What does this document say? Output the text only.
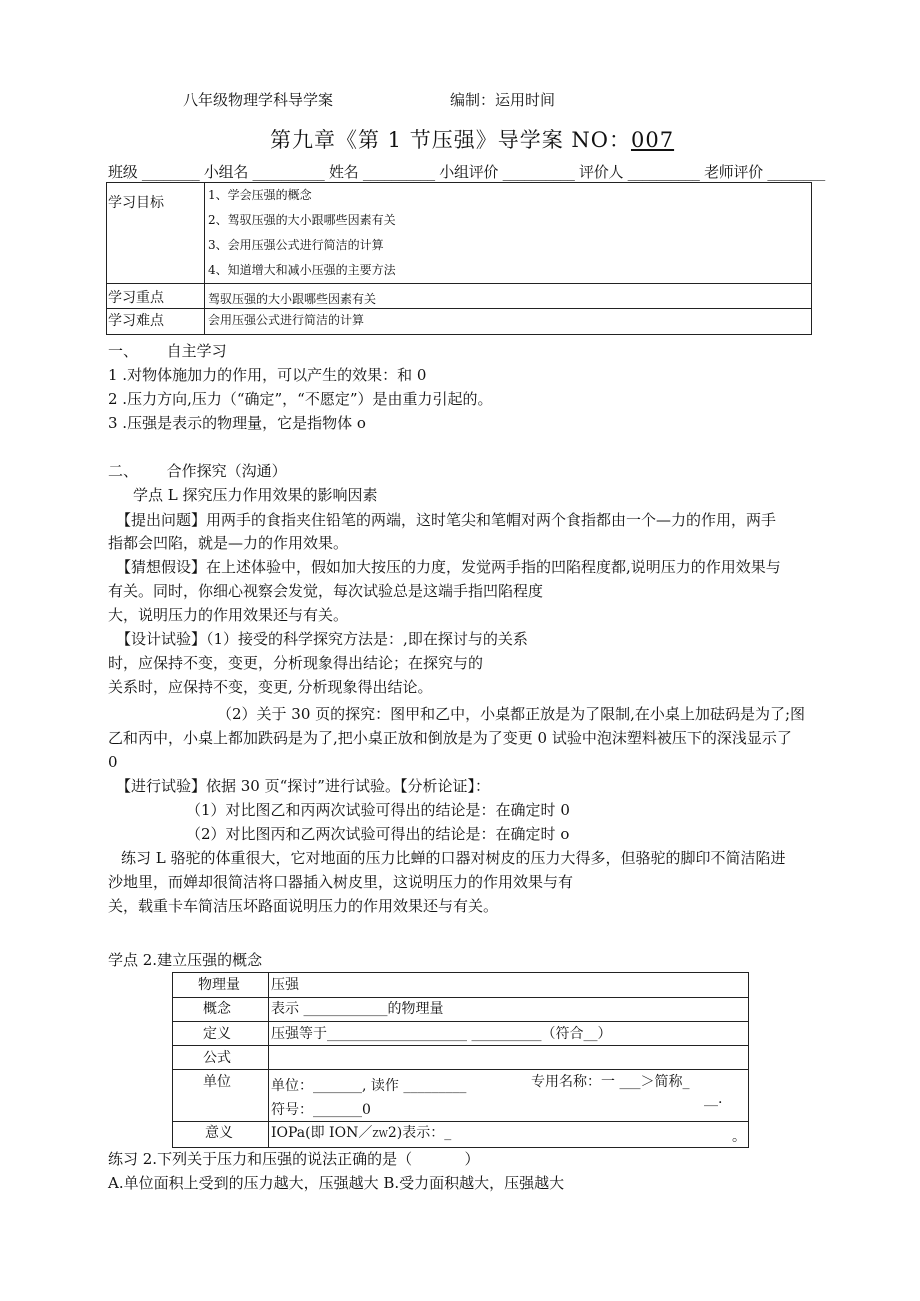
八年级物理学科导学案	编制：运用时间
第九章《第 1 节压强》导学案 NO：007
班级 ________ 小组名 __________ 姓名 __________ 小组评价 __________ 评价人 __________ 老师评价 ________
学习目标	1、学会压强的概念
2、驾驭压强的大小跟哪些因素有关
3、会用压强公式进行简洁的计算
4、知道增大和减小压强的主要方法
学习重点	驾驭压强的大小跟哪些因素有关
学习难点	会用压强公式进行简洁的计算
一、      自主学习
1 .对物体施加力的作用，可以产生的效果：和 0
2 .压力方向,压力（“确定”，“不愿定”）是由重力引起的。
3 .压强是表示的物理量，它是指物体 o
二、      合作探究（沟通）
学点 L 探究压力作用效果的影响因素
【提出问题】用两手的食指夹住铅笔的两端，这时笔尖和笔帽对两个食指都由一个—力的作用，两手
指都会凹陷，就是—力的作用效果。
【猜想假设】在上述体验中，假如加大按压的力度，发觉两手指的凹陷程度都,说明压力的作用效果与
有关。同时，你细心视察会发觉，每次试验总是这端手指凹陷程度
大，说明压力的作用效果还与有关。
【设计试验】（1）接受的科学探究方法是：,即在探讨与的关系
时，应保持不变，变更，分析现象得出结论；在探究与的
关系时，应保持不变，变更, 分析现象得出结论。
（2）关于 30 页的探究：图甲和乙中，小桌都正放是为了限制,在小桌上加砝码是为了;图
乙和丙中，小桌上都加跌码是为了,把小桌正放和倒放是为了变更 0 试验中泡沫塑料被压下的深浅显示了
0
【进行试验】依据 30 页“探讨”进行试验。【分析论证】：
（1）对比图乙和丙两次试验可得出的结论是：在确定时 0
（2）对比图丙和乙两次试验可得出的结论是：在确定时 o
练习 L 骆驼的体重很大，它对地面的压力比蝉的口器对树皮的压力大得多，但骆驼的脚印不简洁陷进
沙地里，而婵却很简洁将口器插入树皮里，这说明压力的作用效果与有
关，载重卡车简洁压坏路面说明压力的作用效果还与有关。
学点 2.建立压强的概念
物理量 压强
概念	表示 ____________的物理量
定义	压强等于____________________ __________（符合__）
公式
单位	单位：_______, 读作 _________	专用名称：一 ___＞简称_
符号：_______0
__.
意义	IOPa(即 ION／ZW2)表示：_	。
练习 2.下列关于压力和压强的说法正确的是（           ）
A.单位面积上受到的压力越大，压强越大 B.受力面积越大，压强越大
